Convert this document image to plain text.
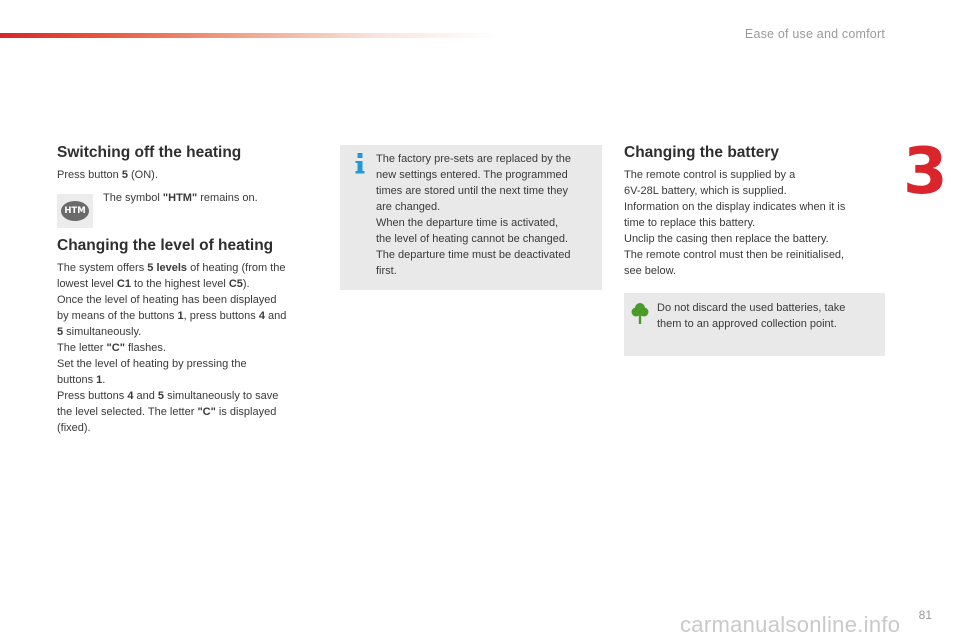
Ease of use and comfort
3
Switching off the heating
Press button 5 (ON).
HTM
The symbol "HTM" remains on.
Changing the level of heating

The system offers 5 levels of heating (from the

lowest level C1 to the highest level C5).

Once the level of heating has been displayed

by means of the buttons 1, press buttons 4 and

5 simultaneously.

The letter "C" flashes.

Set the level of heating by pressing the

buttons 1.

Press buttons 4 and 5 simultaneously to save

the level selected. The letter "C" is displayed

(fixed).

The factory pre-sets are replaced by the
new settings entered. The programmed
times are stored until the next time they
are changed.
When the departure time is activated,
the level of heating cannot be changed.
The departure time must be deactivated
first.
Changing the battery

The remote control is supplied by a

6V-28L battery, which is supplied.

Information on the display indicates when it is

time to replace this battery.

Unclip the casing then replace the battery.

The remote control must then be reinitialised,

see below.

Do not discard the used batteries, take
them to an approved collection point.
81
carmanualsonline.info
